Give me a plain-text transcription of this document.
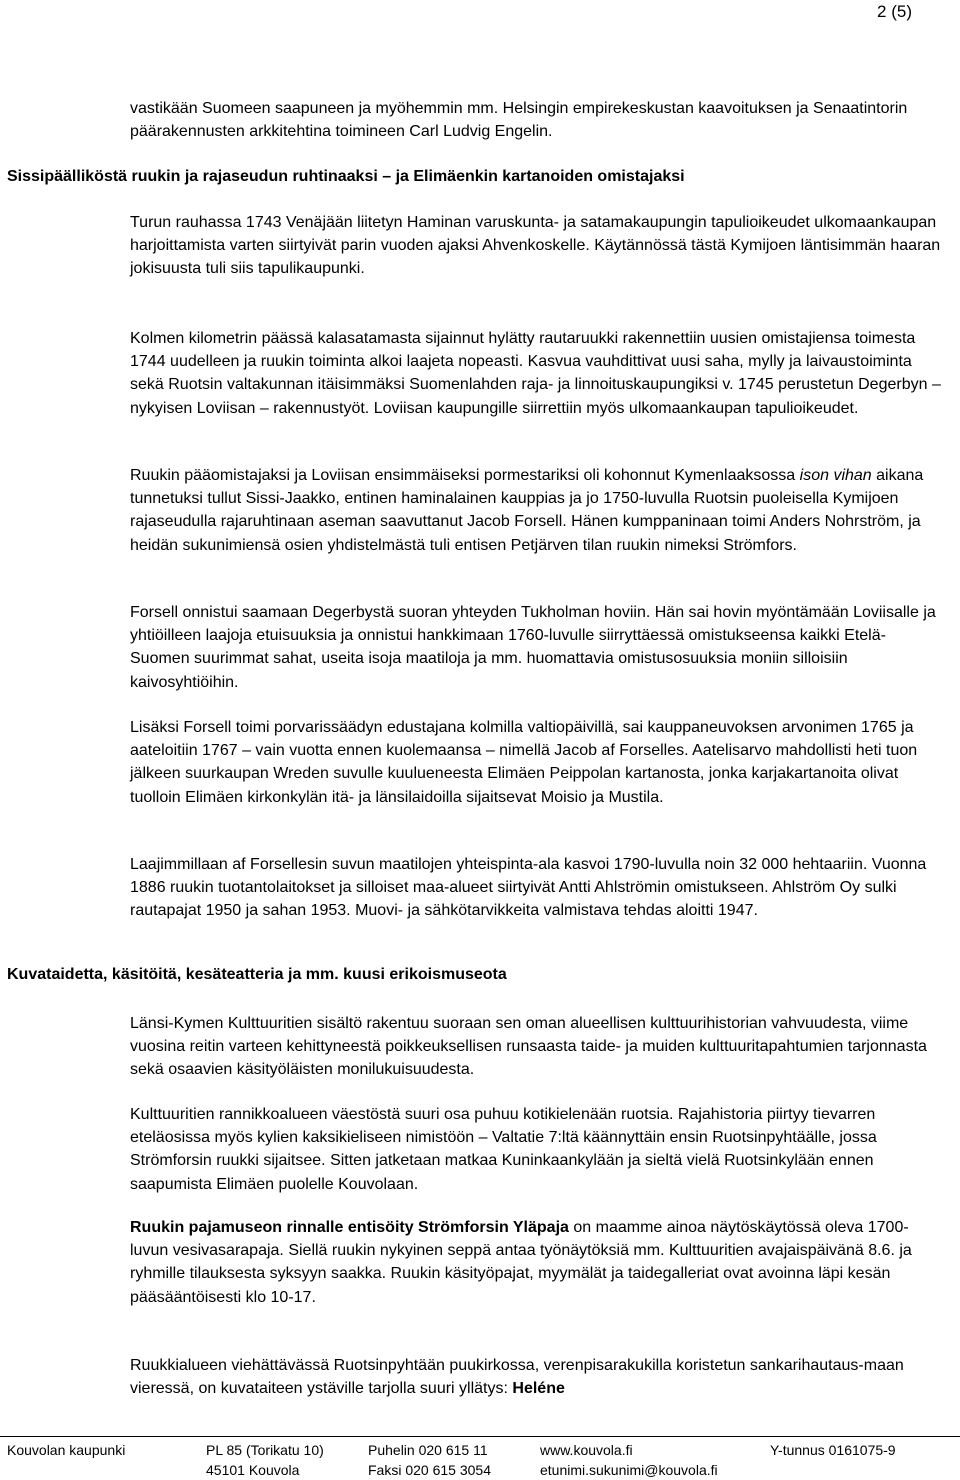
2 (5)

vastikään Suomeen saapuneen ja myöhemmin mm. Helsingin empirekeskustan kaavoituksen ja Senaatintorin päärakennusten arkkitehtina toimineen Carl Ludvig Engelin.

Sissipäälliköstä ruukin ja rajaseudun ruhtinaaksi – ja Elimäenkin kartanoiden omistajaksi

Turun rauhassa 1743 Venäjään liitetyn Haminan varuskunta- ja satamakaupungin tapulioikeudet ulkomaankaupan harjoittamista varten siirtyivät parin vuoden ajaksi Ahvenkoskelle. Käytännössä tästä Kymijoen läntisimmän haaran jokisuusta tuli siis tapulikaupunki.

Kolmen kilometrin päässä kalasatamasta sijainnut hylätty rautaruukki rakennettiin uusien omistajiensa toimesta 1744 uudelleen ja ruukin toiminta alkoi laajeta nopeasti. Kasvua vauhdittivat uusi saha, mylly ja laivaustoiminta sekä Ruotsin valtakunnan itäisimmäksi Suomenlahden raja- ja linnoituskaupungiksi v. 1745 perustetun Degerbyn – nykyisen Loviisan – rakennustyöt. Loviisan kaupungille siirrettiin myös ulkomaankaupan tapulioikeudet.

Ruukin pääomistajaksi ja Loviisan ensimmäiseksi pormestariksi oli kohonnut Kymenlaaksossa ison vihan aikana tunnetuksi tullut Sissi-Jaakko, entinen haminalainen kauppias ja jo 1750-luvulla Ruotsin puoleisella Kymijoen rajaseudulla rajaruhtinaan aseman saavuttanut Jacob Forsell. Hänen kumppaninaan toimi Anders Nohrström, ja heidän sukunimiensä osien yhdistelmästä tuli entisen Petjärven tilan ruukin nimeksi Strömfors.

Forsell onnistui saamaan Degerbystä suoran yhteyden Tukholman hoviin. Hän sai hovin myöntämään Loviisalle ja yhtiöilleen laajoja etuisuuksia ja onnistui hankkimaan 1760-luvulle siirryttäessä omistukseensa kaikki Etelä-Suomen suurimmat sahat, useita isoja maatiloja ja mm. huomattavia omistusosuuksia moniin silloisiin kaivosyhtiöihin.

Lisäksi Forsell toimi porvarissäädyn edustajana kolmilla valtiopäivillä, sai kauppaneuvoksen arvonimen 1765 ja aateloitiin 1767 – vain vuotta ennen kuolemaansa – nimellä Jacob af Forselles. Aatelisarvo mahdollisti heti tuon jälkeen suurkaupan Wreden suvulle kuulueneesta Elimäen Peippolan kartanosta, jonka karjakartanoita olivat tuolloin Elimäen kirkonkylän itä- ja länsilaidoilla sijaitsevat Moisio ja Mustila.

Laajimmillaan af Forsellesin suvun maatilojen yhteispinta-ala kasvoi 1790-luvulla noin 32 000 hehtaariin. Vuonna 1886 ruukin tuotantolaitokset ja silloiset maa-alueet siirtyivät Antti Ahlströmin omistukseen. Ahlström Oy sulki rautapajat 1950 ja sahan 1953. Muovi- ja sähkötarvikkeita valmistava tehdas aloitti 1947.

Kuvataidetta, käsitöitä, kesäteatteria ja mm. kuusi erikoismuseota

Länsi-Kymen Kulttuuritien sisältö rakentuu suoraan sen oman alueellisen kulttuurihistorian vahvuudesta, viime vuosina reitin varteen kehittyneestä poikkeuksellisen runsaasta taide- ja muiden kulttuuritapahtumien tarjonnasta sekä osaavien käsityöläisten monilukuisuudesta.

Kulttuuritien rannikkoalueen väestöstä suuri osa puhuu kotikielenään ruotsia. Rajahistoria piirtyy tievarren eteläosissa myös kylien kaksikieliseen nimistöön – Valtatie 7:ltä käännyttäin ensin Ruotsinpyhtäälle, jossa Strömforsin ruukki sijaitsee. Sitten jatketaan matkaa Kuninkaankylään ja sieltä vielä Ruotsinkylään ennen saapumista Elimäen puolelle Kouvolaan.

Ruukin pajamuseon rinnalle entisöity Strömforsin Yläpaja on maamme ainoa näytöskäytössä oleva 1700-luvun vesivasarapaja. Siellä ruukin nykyinen seppä antaa työnäytöksiä mm. Kulttuuritien avajaispäivänä 8.6. ja ryhmille tilauksesta syksyyn saakka. Ruukin käsityöpajat, myymälät ja taidegalleriat ovat avoinna läpi kesän pääsääntöisesti klo 10-17.

Ruukkialueen viehättävässä Ruotsinpyhtään puukirkossa, verenpisarakukilla koristetun sankarihautaus-maan vieressä, on kuvataiteen ystäville tarjolla suuri yllätys: Heléne

Kouvolan kaupunki	PL 85 (Torikatu 10)
45101 Kouvola
Puhelin 020 615 11
Faksi 020 615 3054
www.kouvola.fi
etunimi.sukunimi@kouvola.fi
Y-tunnus 0161075-9
